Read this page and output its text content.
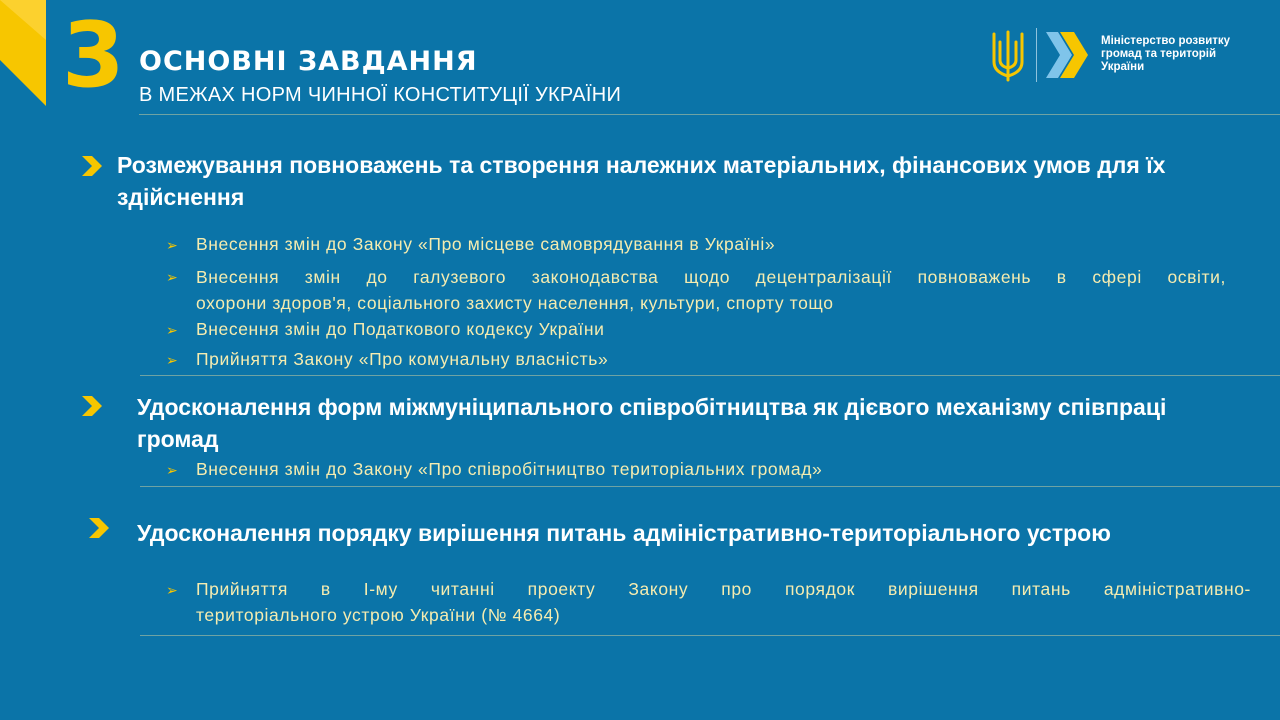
3 ОСНОВНІ ЗАВДАННЯ
В МЕЖАХ НОРМ ЧИННОЇ КОНСТИТУЦІЇ УКРАЇНИ
Міністерство розвитку
громад та територій
України
Розмежування повноважень та створення належних матеріальних, фінансових умов для їх
здійснення
➢ Внесення змін до Закону «Про місцеве самоврядування в Україні»
➢ Внесення змін до галузевого законодавства щодо децентралізації повноважень в сфері освіти,
охорони здоров'я, соціального захисту населення, культури, спорту тощо
➢ Внесення змін до Податкового кодексу України
➢ Прийняття Закону «Про комунальну власність»
Удосконалення форм міжмуніципального співробітництва як дієвого механізму співпраці
громад
➢ Внесення змін до Закону «Про співробітництво територіальних громад»
Удосконалення порядку вирішення питань адміністративно-територіального устрою
➢ Прийняття в І-му читанні проекту Закону про порядок вирішення питань адміністративно-
територіального устрою України (№ 4664)
